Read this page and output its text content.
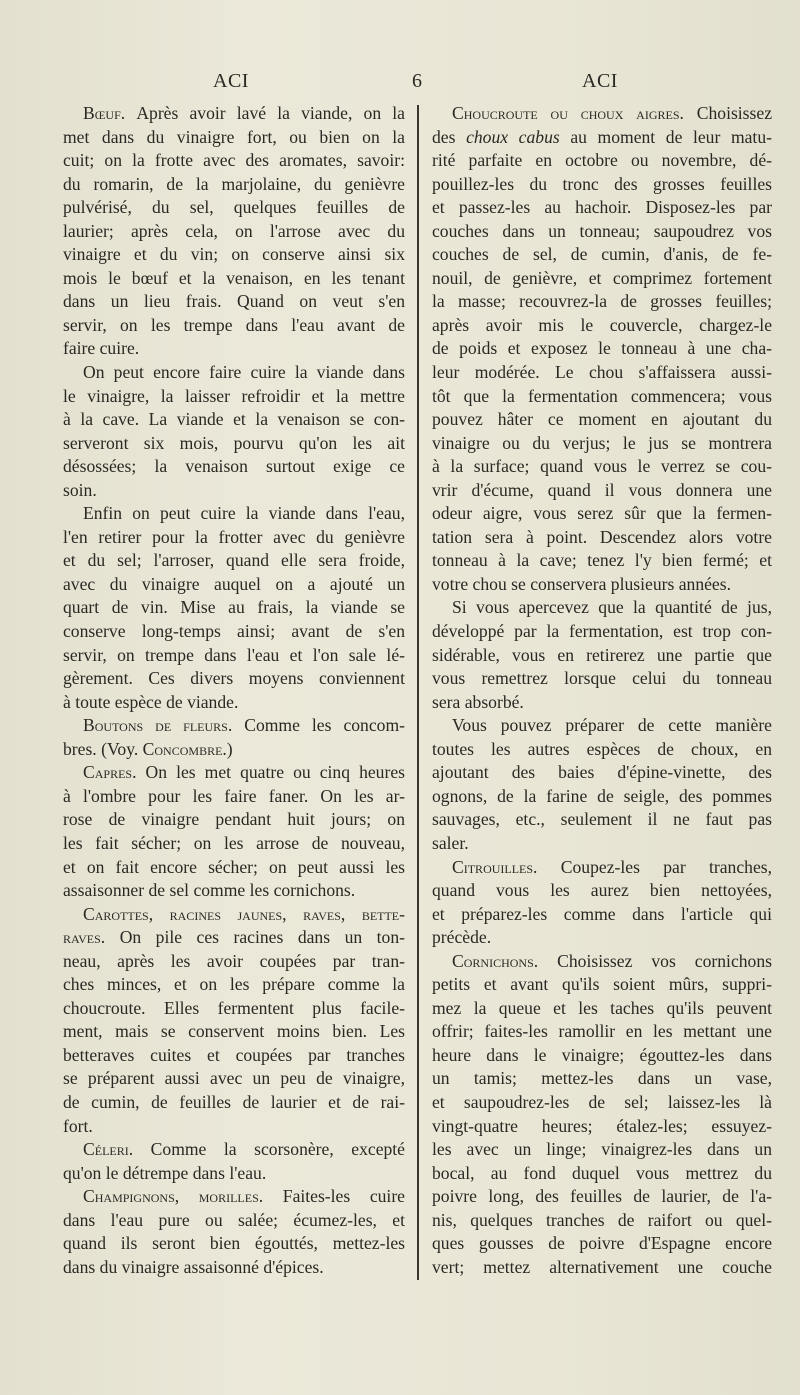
ACI	6	ACI
Bœuf. Après avoir lavé la viande, on la
met dans du vinaigre fort, ou bien on la
cuit; on la frotte avec des aromates, savoir:
du romarin, de la marjolaine, du genièvre
pulvérisé, du sel, quelques feuilles de
laurier; après cela, on l'arrose avec du
vinaigre et du vin; on conserve ainsi six
mois le bœuf et la venaison, en les tenant
dans un lieu frais. Quand on veut s'en
servir, on les trempe dans l'eau avant de
faire cuire.
On peut encore faire cuire la viande dans
le vinaigre, la laisser refroidir et la mettre
à la cave. La viande et la venaison se con-
serveront six mois, pourvu qu'on les ait
désossées; la venaison surtout exige ce
soin.
Enfin on peut cuire la viande dans l'eau,
l'en retirer pour la frotter avec du genièvre
et du sel; l'arroser, quand elle sera froide,
avec du vinaigre auquel on a ajouté un
quart de vin. Mise au frais, la viande se
conserve long-temps ainsi; avant de s'en
servir, on trempe dans l'eau et l'on sale lé-
gèrement. Ces divers moyens conviennent
à toute espèce de viande.
Boutons de fleurs. Comme les concom-
bres. (Voy. Concombre.)
Capres. On les met quatre ou cinq heures
à l'ombre pour les faire faner. On les ar-
rose de vinaigre pendant huit jours; on
les fait sécher; on les arrose de nouveau,
et on fait encore sécher; on peut aussi les
assaisonner de sel comme les cornichons.
Carottes, racines jaunes, raves, bette-
raves. On pile ces racines dans un ton-
neau, après les avoir coupées par tran-
ches minces, et on les prépare comme la
choucroute. Elles fermentent plus facile-
ment, mais se conservent moins bien. Les
betteraves cuites et coupées par tranches
se préparent aussi avec un peu de vinaigre,
de cumin, de feuilles de laurier et de rai-
fort.
Céleri. Comme la scorsonère, excepté
qu'on le détrempe dans l'eau.
Champignons, morilles. Faites-les cuire
dans l'eau pure ou salée; écumez-les, et
quand ils seront bien égouttés, mettez-les
dans du vinaigre assaisonné d'épices.
Choucroute ou choux aigres. Choisissez
des choux cabus au moment de leur matu-
rité parfaite en octobre ou novembre, dé-
pouillez-les du tronc des grosses feuilles
et passez-les au hachoir. Disposez-les par
couches dans un tonneau; saupoudrez vos
couches de sel, de cumin, d'anis, de fe-
nouil, de genièvre, et comprimez fortement
la masse; recouvrez-la de grosses feuilles;
après avoir mis le couvercle, chargez-le
de poids et exposez le tonneau à une cha-
leur modérée. Le chou s'affaissera aussi-
tôt que la fermentation commencera; vous
pouvez hâter ce moment en ajoutant du
vinaigre ou du verjus; le jus se montrera
à la surface; quand vous le verrez se cou-
vrir d'écume, quand il vous donnera une
odeur aigre, vous serez sûr que la fermen-
tation sera à point. Descendez alors votre
tonneau à la cave; tenez l'y bien fermé; et
votre chou se conservera plusieurs années.
Si vous apercevez que la quantité de jus,
développé par la fermentation, est trop con-
sidérable, vous en retirerez une partie que
vous remettrez lorsque celui du tonneau
sera absorbé.
Vous pouvez préparer de cette manière
toutes les autres espèces de choux, en
ajoutant des baies d'épine-vinette, des
ognons, de la farine de seigle, des pommes
sauvages, etc., seulement il ne faut pas
saler.
Citrouilles. Coupez-les par tranches,
quand vous les aurez bien nettoyées,
et préparez-les comme dans l'article qui
précède.
Cornichons. Choisissez vos cornichons
petits et avant qu'ils soient mûrs, suppri-
mez la queue et les taches qu'ils peuvent
offrir; faites-les ramollir en les mettant une
heure dans le vinaigre; égouttez-les dans
un tamis; mettez-les dans un vase,
et saupoudrez-les de sel; laissez-les là
vingt-quatre heures; étalez-les; essuyez-
les avec un linge; vinaigrez-les dans un
bocal, au fond duquel vous mettrez du
poivre long, des feuilles de laurier, de l'a-
nis, quelques tranches de raifort ou quel-
ques gousses de poivre d'Espagne encore
vert; mettez alternativement une couche
